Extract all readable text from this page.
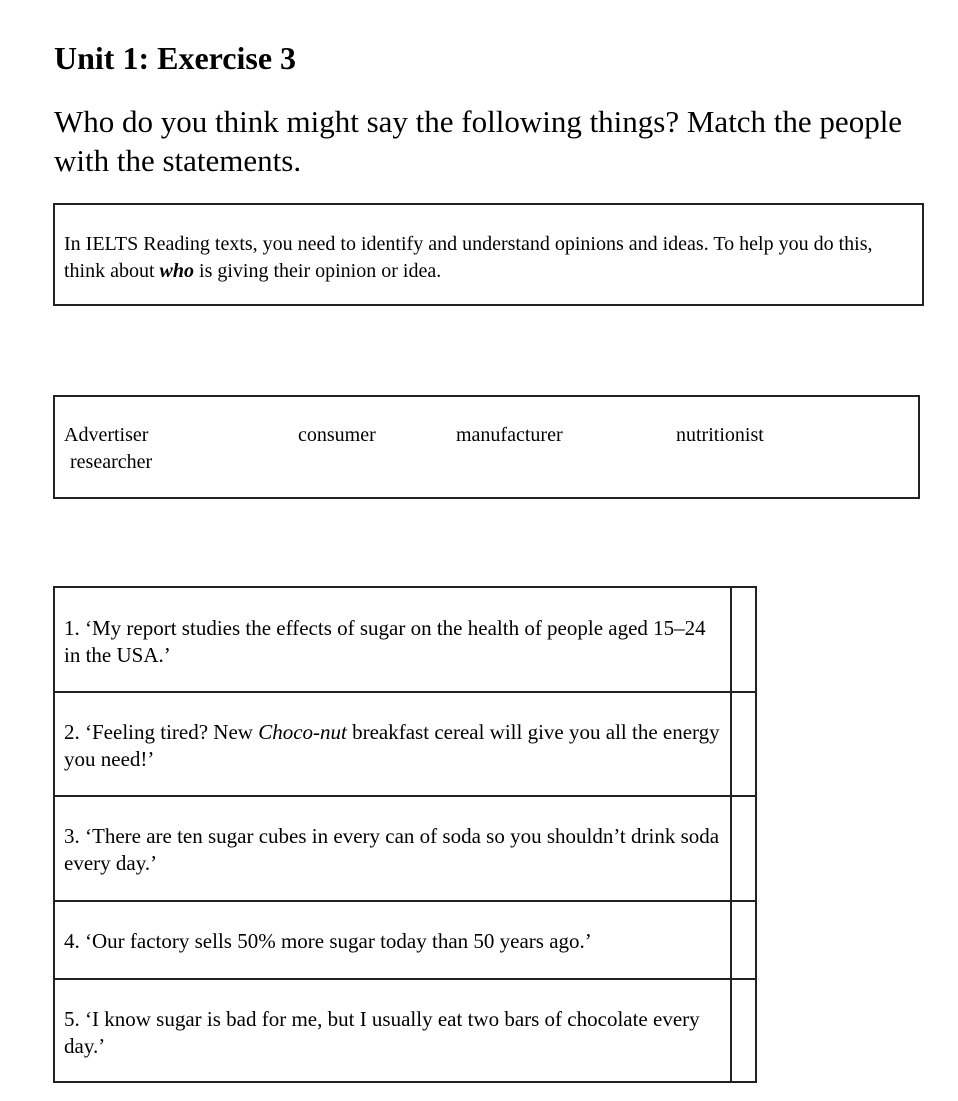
Unit 1: Exercise 3
Who do you think might say the following things? Match the people with the statements.
In IELTS Reading texts, you need to identify and understand opinions and ideas. To help you do this, think about who is giving their opinion or idea.
Advertiser	consumer	manufacturer	nutritionist
researcher
1. ‘My report studies the effects of sugar on the health of people aged 15–24 in the USA.’
2. ‘Feeling tired? New Choco-nut breakfast cereal will give you all the energy you need!’
3. ‘There are ten sugar cubes in every can of soda so you shouldn’t drink soda every day.’
4. ‘Our factory sells 50% more sugar today than 50 years ago.’
5. ‘I know sugar is bad for me, but I usually eat two bars of chocolate every day.’
